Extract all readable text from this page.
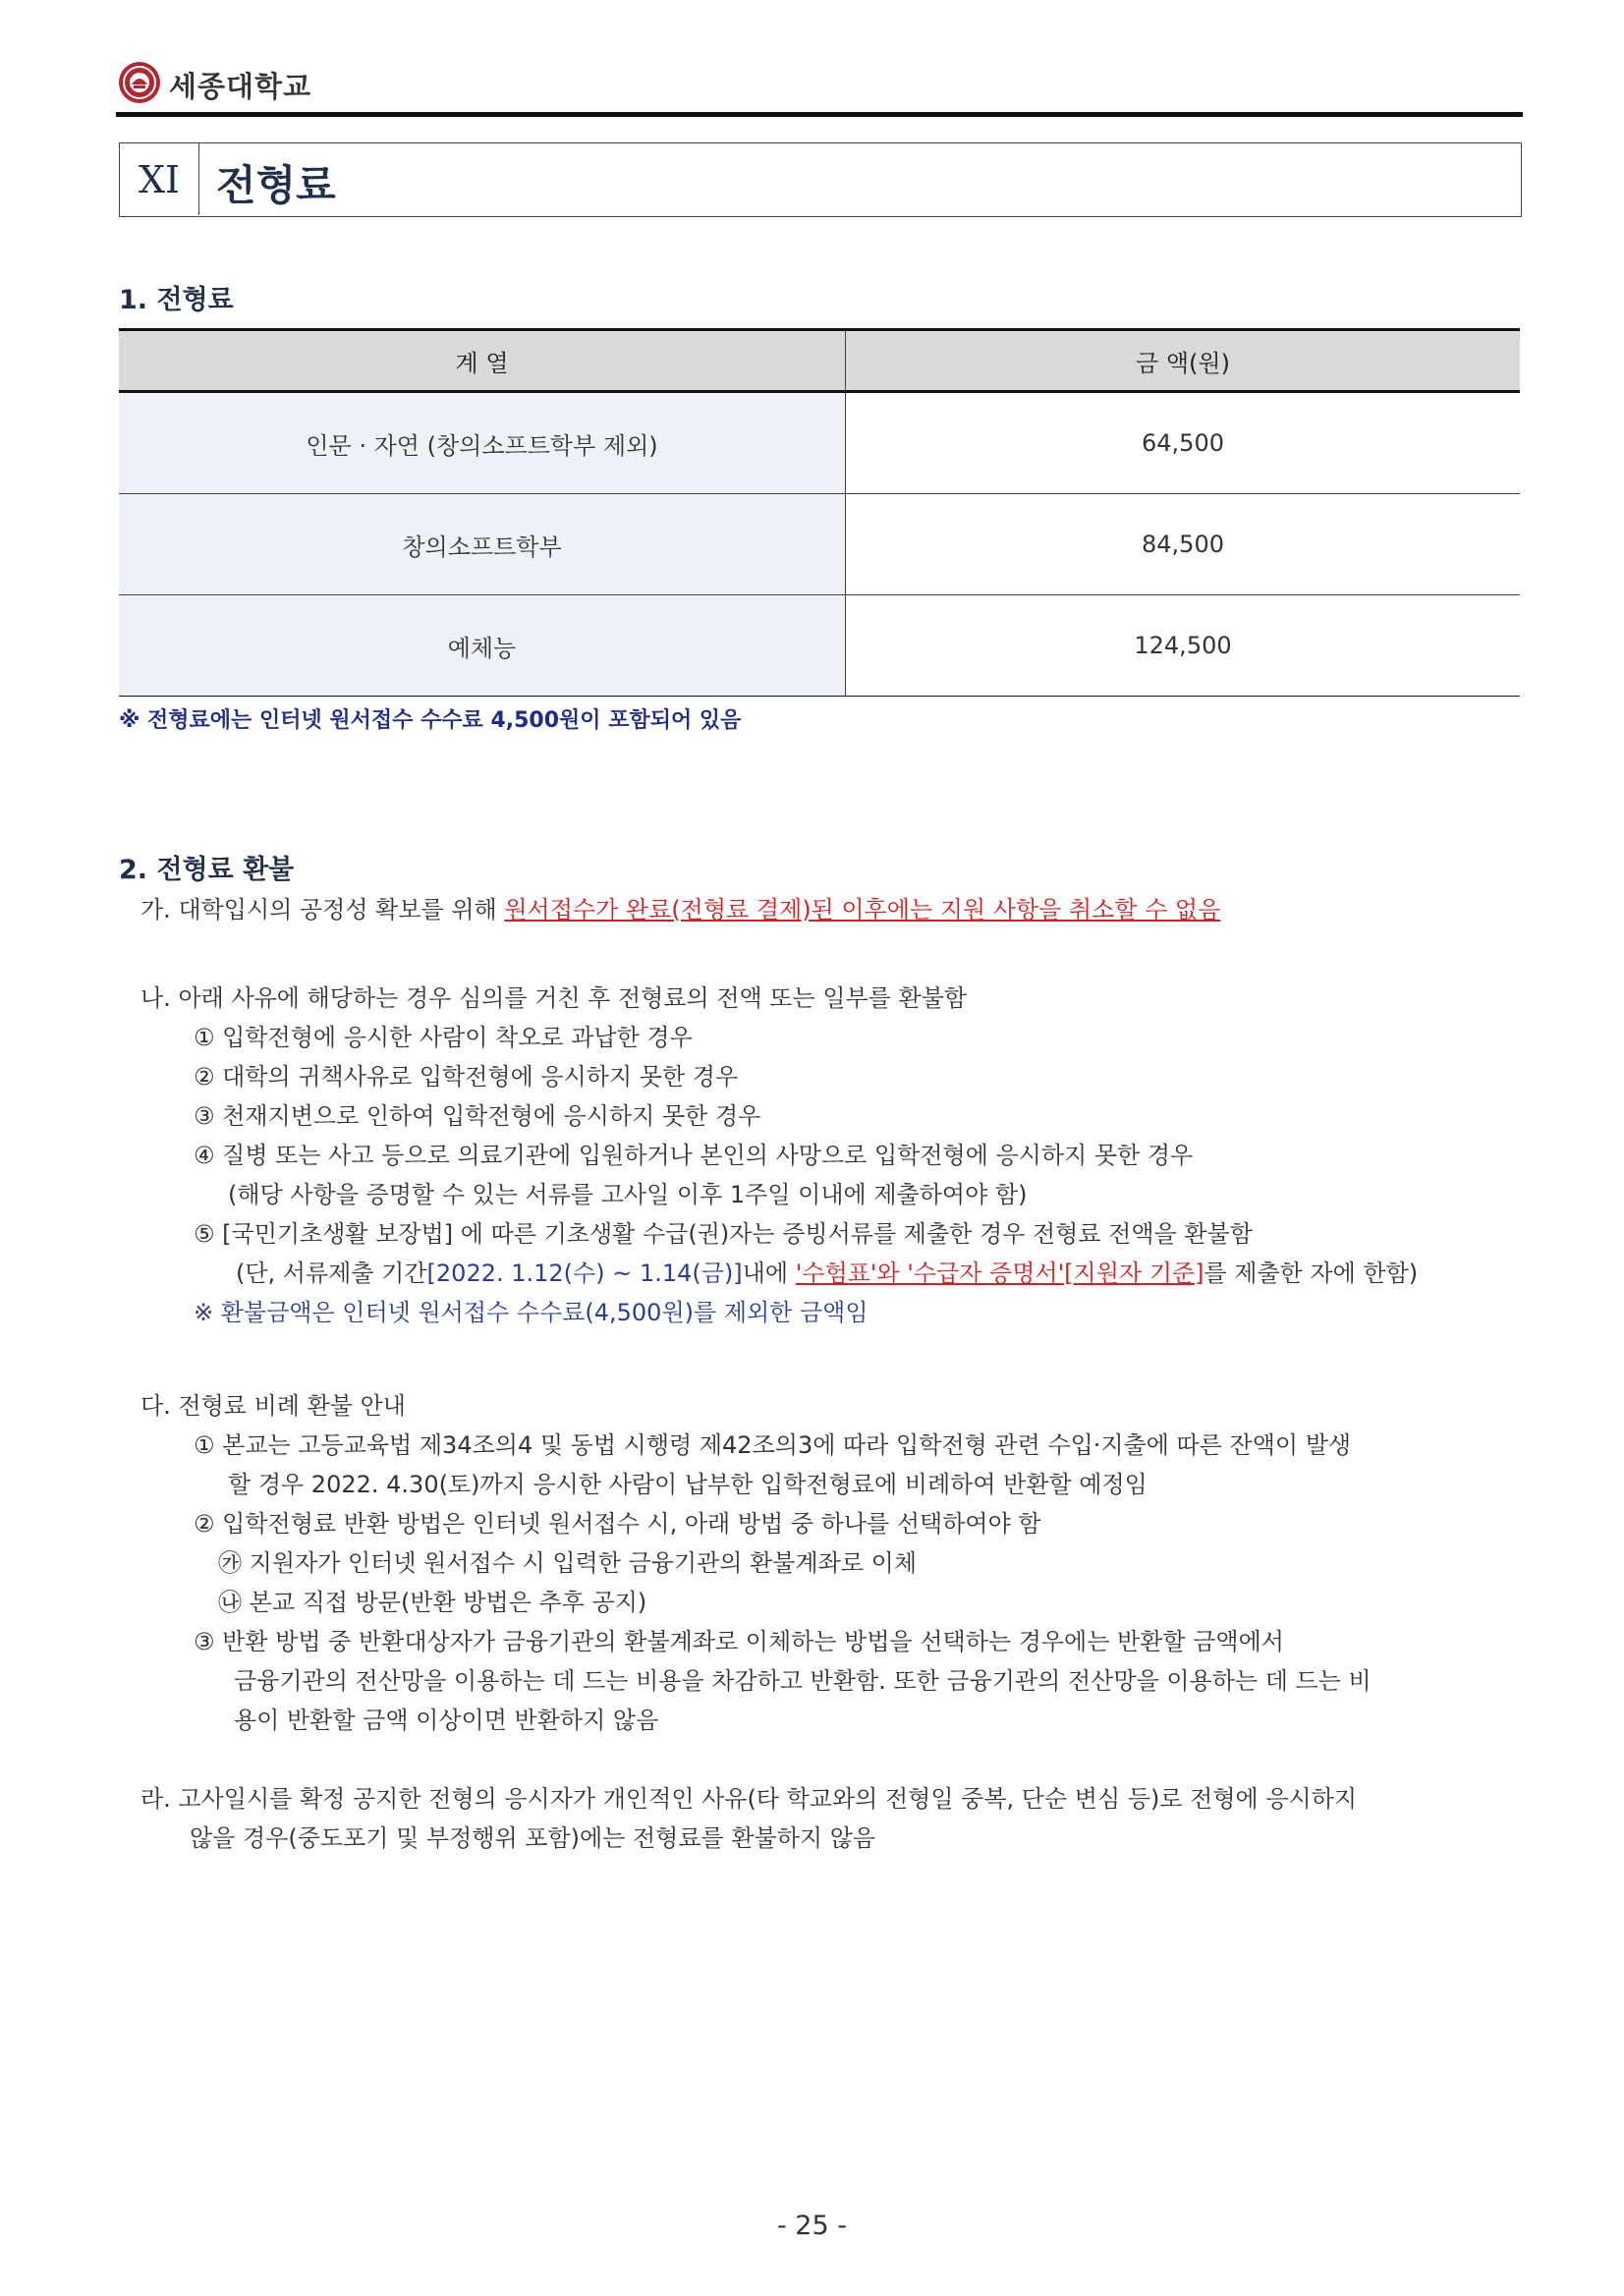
세종대학교
XI 전형료
1. 전형료
계 열	금 액(원)
인문 · 자연 (창의소프트학부 제외)	64,500
창의소프트학부	84,500
예체능	124,500
※ 전형료에는 인터넷 원서접수 수수료 4,500원이 포함되어 있음
2. 전형료 환불
가. 대학입시의 공정성 확보를 위해 원서접수가 완료(전형료 결제)된 이후에는 지원 사항을 취소할 수 없음
나. 아래 사유에 해당하는 경우 심의를 거친 후 전형료의 전액 또는 일부를 환불함
① 입학전형에 응시한 사람이 착오로 과납한 경우
② 대학의 귀책사유로 입학전형에 응시하지 못한 경우
③ 천재지변으로 인하여 입학전형에 응시하지 못한 경우
④ 질병 또는 사고 등으로 의료기관에 입원하거나 본인의 사망으로 입학전형에 응시하지 못한 경우
(해당 사항을 증명할 수 있는 서류를 고사일 이후 1주일 이내에 제출하여야 함)
⑤ [국민기초생활 보장법] 에 따른 기초생활 수급(권)자는 증빙서류를 제출한 경우 전형료 전액을 환불함
(단, 서류제출 기간[2022. 1.12(수) ~ 1.14(금)]내에 '수험표'와 '수급자 증명서'[지원자 기준]를 제출한 자에 한함)
※ 환불금액은 인터넷 원서접수 수수료(4,500원)를 제외한 금액임
다. 전형료 비례 환불 안내
① 본교는 고등교육법 제34조의4 및 동법 시행령 제42조의3에 따라 입학전형 관련 수입·지출에 따른 잔액이 발생
할 경우 2022. 4.30(토)까지 응시한 사람이 납부한 입학전형료에 비례하여 반환할 예정임
② 입학전형료 반환 방법은 인터넷 원서접수 시, 아래 방법 중 하나를 선택하여야 함
㉮ 지원자가 인터넷 원서접수 시 입력한 금융기관의 환불계좌로 이체
㉯ 본교 직접 방문(반환 방법은 추후 공지)
③ 반환 방법 중 반환대상자가 금융기관의 환불계좌로 이체하는 방법을 선택하는 경우에는 반환할 금액에서
금융기관의 전산망을 이용하는 데 드는 비용을 차감하고 반환함. 또한 금융기관의 전산망을 이용하는 데 드는 비
용이 반환할 금액 이상이면 반환하지 않음
라. 고사일시를 확정 공지한 전형의 응시자가 개인적인 사유(타 학교와의 전형일 중복, 단순 변심 등)로 전형에 응시하지
않을 경우(중도포기 및 부정행위 포함)에는 전형료를 환불하지 않음
- 25 -
